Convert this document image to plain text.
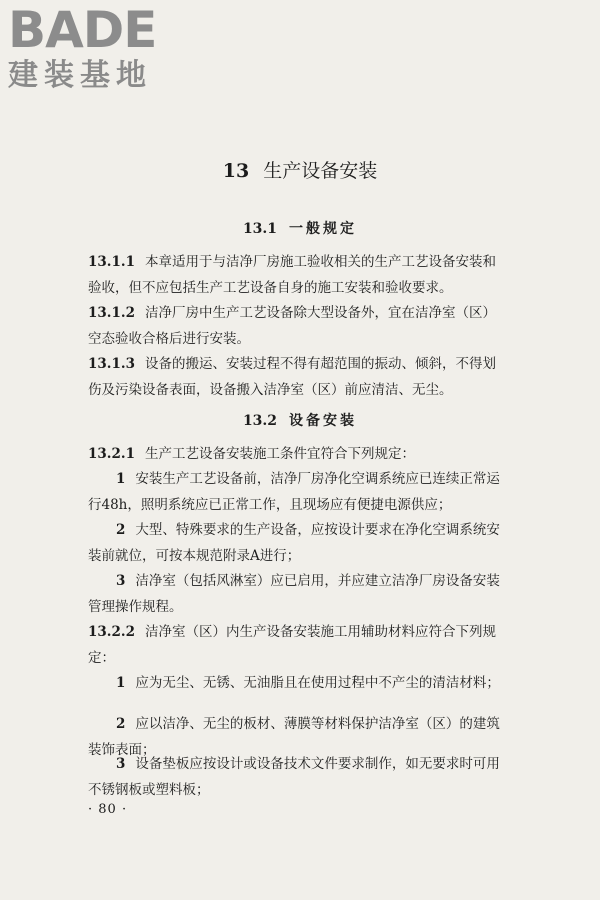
BADE
建装基地
13 生产设备安装
13.1 一般规定
13.1.1 本章适用于与洁净厂房施工验收相关的生产工艺设备安装和验收，但不应包括生产工艺设备自身的施工安装和验收要求。
13.1.2 洁净厂房中生产工艺设备除大型设备外，宜在洁净室（区）空态验收合格后进行安装。
13.1.3 设备的搬运、安装过程不得有超范围的振动、倾斜，不得划伤及污染设备表面，设备搬入洁净室（区）前应清洁、无尘。
13.2 设备安装
13.2.1 生产工艺设备安装施工条件宜符合下列规定：
1 安装生产工艺设备前，洁净厂房净化空调系统应已连续正常运行48h，照明系统应已正常工作，且现场应有便捷电源供应；
2 大型、特殊要求的生产设备，应按设计要求在净化空调系统安装前就位，可按本规范附录A进行；
3 洁净室（包括风淋室）应已启用，并应建立洁净厂房设备安装管理操作规程。
13.2.2 洁净室（区）内生产设备安装施工用辅助材料应符合下列规定：
1 应为无尘、无锈、无油脂且在使用过程中不产尘的清洁材料；
2 应以洁净、无尘的板材、薄膜等材料保护洁净室（区）的建筑装饰表面；
3 设备垫板应按设计或设备技术文件要求制作，如无要求时可用不锈钢板或塑料板；
· 80 ·
